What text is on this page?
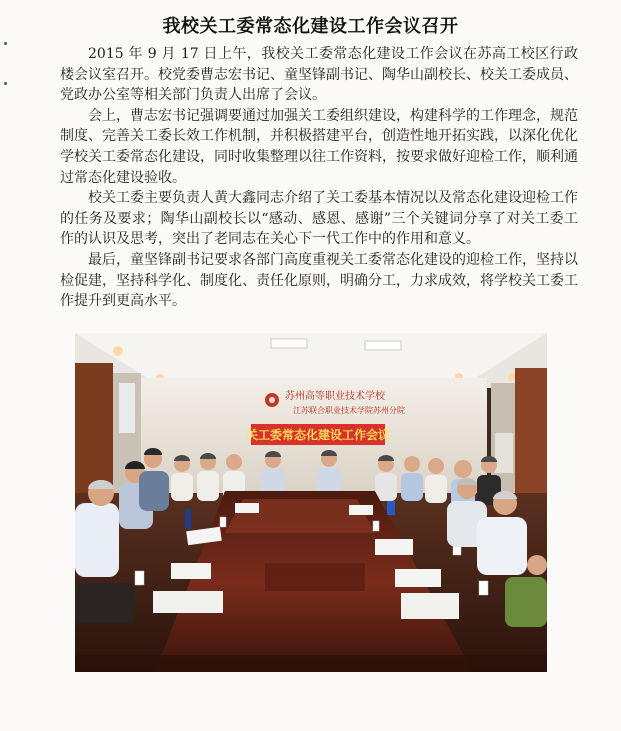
我校关工委常态化建设工作会议召开

2015 年 9 月 17 日上午，我校关工委常态化建设工作会议在苏高工校区行政楼会议室召开。校党委曹志宏书记、童坚锋副书记、陶华山副校长、校关工委成员、党政办公室等相关部门负责人出席了会议。

会上，曹志宏书记强调要通过加强关工委组织建设，构建科学的工作理念，规范制度、完善关工委长效工作机制，并积极搭建平台，创造性地开拓实践，以深化优化学校关工委常态化建设，同时收集整理以往工作资料，按要求做好迎检工作，顺利通过常态化建设验收。

校关工委主要负责人黄大鑫同志介绍了关工委基本情况以及常态化建设迎检工作的任务及要求；陶华山副校长以“感动、感恩、感谢”三个关键词分享了对关工委工作的认识及思考，突出了老同志在关心下一代工作中的作用和意义。

最后，童坚锋副书记要求各部门高度重视关工委常态化建设的迎检工作，坚持以检促建，坚持科学化、制度化、责任化原则，明确分工，力求成效，将学校关工委工作提升到更高水平。

苏州高等职业技术学校
江苏联合职业技术学院苏州分院
关工委常态化建设工作会议
